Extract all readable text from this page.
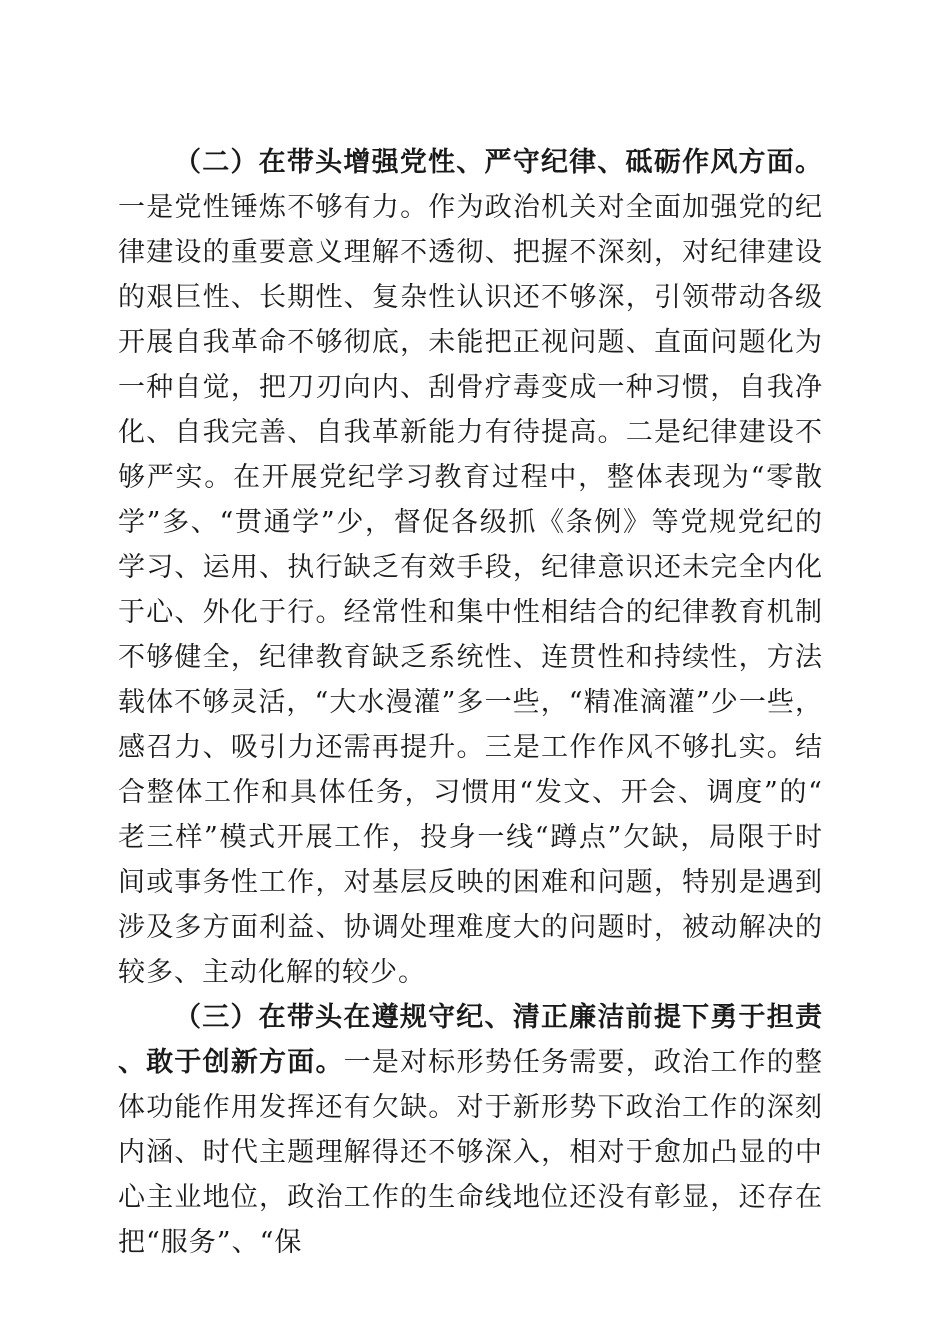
（二）在带头增强党性、严守纪律、砥砺作风方面。一是党性锤炼不够有力。作为政治机关对全面加强党的纪律建设的重要意义理解不透彻、把握不深刻，对纪律建设的艰巨性、长期性、复杂性认识还不够深，引领带动各级开展自我革命不够彻底，未能把正视问题、直面问题化为一种自觉，把刀刃向内、刮骨疗毒变成一种习惯，自我净化、自我完善、自我革新能力有待提高。二是纪律建设不够严实。在开展党纪学习教育过程中，整体表现为“零散学”多、“贯通学”少，督促各级抓《条例》等党规党纪的学习、运用、执行缺乏有效手段，纪律意识还未完全内化于心、外化于行。经常性和集中性相结合的纪律教育机制不够健全，纪律教育缺乏系统性、连贯性和持续性，方法载体不够灵活，“大水漫灌”多一些，“精准滴灌”少一些，感召力、吸引力还需再提升。三是工作作风不够扎实。结合整体工作和具体任务，习惯用“发文、开会、调度”的“老三样”模式开展工作，投身一线“蹲点”欠缺，局限于时间或事务性工作，对基层反映的困难和问题，特别是遇到涉及多方面利益、协调处理难度大的问题时，被动解决的较多、主动化解的较少。

（三）在带头在遵规守纪、清正廉洁前提下勇于担责、敢于创新方面。一是对标形势任务需要，政治工作的整体功能作用发挥还有欠缺。对于新形势下政治工作的深刻内涵、时代主题理解得还不够深入，相对于愈加凸显的中心主业地位，政治工作的生命线地位还没有彰显，还存在把“服务”、“保
